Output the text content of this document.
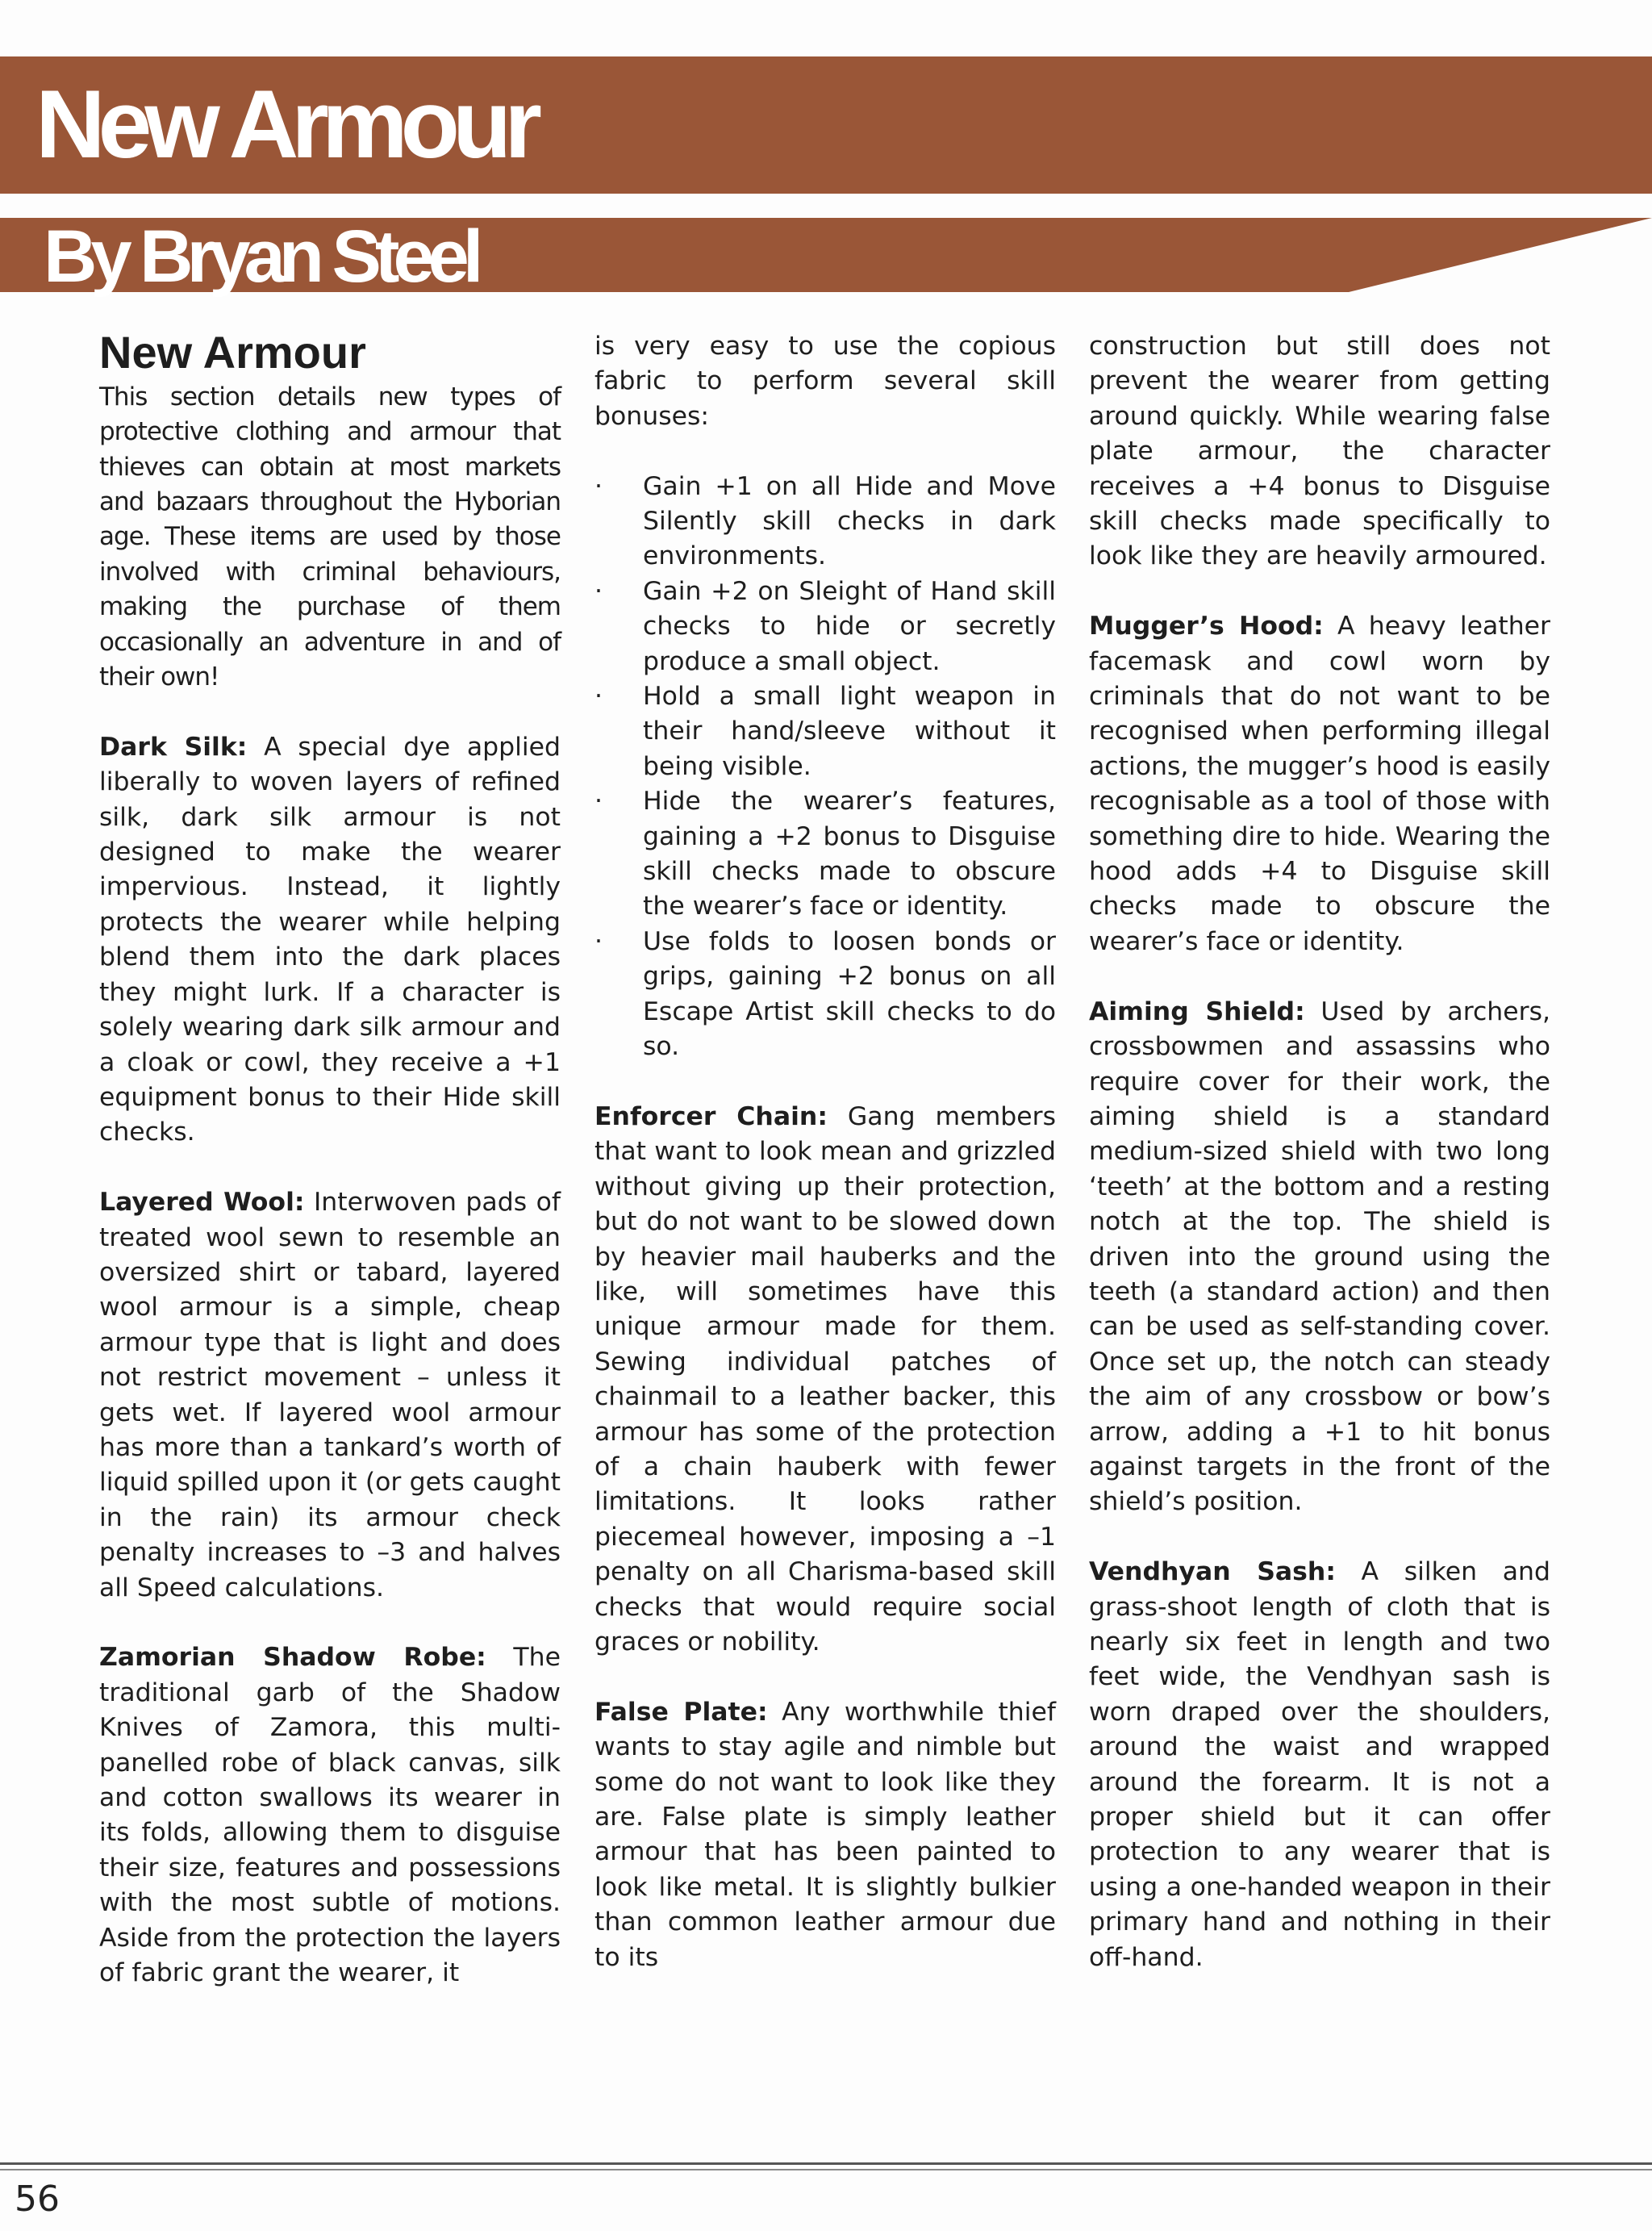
New Armour
By Bryan Steel
New Armour

This section details new types of protective clothing and armour that thieves can obtain at most markets and bazaars throughout the Hyborian age. These items are used by those involved with criminal behaviours, making the purchase of them occasionally an adventure in and of their own!

Dark Silk: A special dye applied liberally to woven layers of refined silk, dark silk armour is not designed to make the wearer impervious. Instead, it lightly protects the wearer while helping blend them into the dark places they might lurk. If a character is solely wearing dark silk armour and a cloak or cowl, they receive a +1 equipment bonus to their Hide skill checks.

Layered Wool: Interwoven pads of treated wool sewn to resemble an oversized shirt or tabard, layered wool armour is a simple, cheap armour type that is light and does not restrict movement – unless it gets wet. If layered wool armour has more than a tankard’s worth of liquid spilled upon it (or gets caught in the rain) its armour check penalty increases to –3 and halves all Speed calculations.

Zamorian Shadow Robe: The traditional garb of the Shadow Knives of Zamora, this multi-panelled robe of black canvas, silk and cotton swallows its wearer in its folds, allowing them to disguise their size, features and possessions with the most subtle of motions. Aside from the protection the layers of fabric grant the wearer, it

is very easy to use the copious fabric to perform several skill bonuses:

· Gain +1 on all Hide and Move Silently skill checks in dark environments.
· Gain +2 on Sleight of Hand skill checks to hide or secretly produce a small object.
· Hold a small light weapon in their hand/sleeve without it being visible.
· Hide the wearer’s features, gaining a +2 bonus to Disguise skill checks made to obscure the wearer’s face or identity.
· Use folds to loosen bonds or grips, gaining +2 bonus on all Escape Artist skill checks to do so.

Enforcer Chain: Gang members that want to look mean and grizzled without giving up their protection, but do not want to be slowed down by heavier mail hauberks and the like, will sometimes have this unique armour made for them. Sewing individual patches of chainmail to a leather backer, this armour has some of the protection of a chain hauberk with fewer limitations. It looks rather piecemeal however, imposing a –1 penalty on all Charisma-based skill checks that would require social graces or nobility.

False Plate: Any worthwhile thief wants to stay agile and nimble but some do not want to look like they are. False plate is simply leather armour that has been painted to look like metal. It is slightly bulkier than common leather armour due to its

construction but still does not prevent the wearer from getting around quickly. While wearing false plate armour, the character receives a +4 bonus to Disguise skill checks made specifically to look like they are heavily armoured.

Mugger’s Hood: A heavy leather facemask and cowl worn by criminals that do not want to be recognised when performing illegal actions, the mugger’s hood is easily recognisable as a tool of those with something dire to hide. Wearing the hood adds +4 to Disguise skill checks made to obscure the wearer’s face or identity.

Aiming Shield: Used by archers, crossbowmen and assassins who require cover for their work, the aiming shield is a standard medium-sized shield with two long ‘teeth’ at the bottom and a resting notch at the top. The shield is driven into the ground using the teeth (a standard action) and then can be used as self-standing cover. Once set up, the notch can steady the aim of any crossbow or bow’s arrow, adding a +1 to hit bonus against targets in the front of the shield’s position.

Vendhyan Sash: A silken and grass-shoot length of cloth that is nearly six feet in length and two feet wide, the Vendhyan sash is worn draped over the shoulders, around the waist and wrapped around the forearm. It is not a proper shield but it can offer protection to any wearer that is using a one-handed weapon in their primary hand and nothing in their off-hand.

56
